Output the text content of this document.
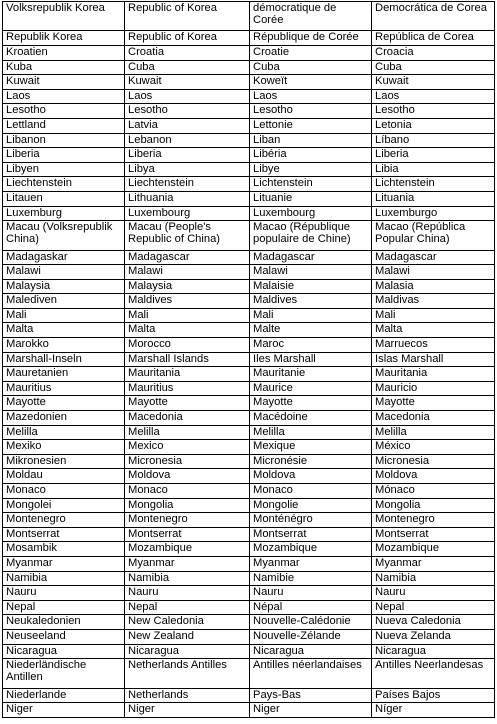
Volksrepublik Korea	Republic of Korea	démocratique de Corée	Democrática de Corea
Republik Korea	Republic of Korea	République de Corée	República de Corea
Kroatien	Croatia	Croatie	Croacia
Kuba	Cuba	Cuba	Cuba
Kuwait	Kuwait	Koweït	Kuwait
Laos	Laos	Laos	Laos
Lesotho	Lesotho	Lesotho	Lesotho
Lettland	Latvia	Lettonie	Letonia
Libanon	Lebanon	Liban	Líbano
Liberia	Liberia	Libéria	Liberia
Libyen	Libya	Libye	Libia
Liechtenstein	Liechtenstein	Lichtenstein	Lichtenstein
Litauen	Lithuania	Lituanie	Lituania
Luxemburg	Luxembourg	Luxembourg	Luxemburgo
Macau (Volksrepublik China)	Macau (People's Republic of China)	Macao (République populaire de Chine)	Macao (República Popular China)
Madagaskar	Madagascar	Madagascar	Madagascar
Malawi	Malawi	Malawi	Malawi
Malaysia	Malaysia	Malaisie	Malasia
Malediven	Maldives	Maldives	Maldivas
Mali	Mali	Mali	Mali
Malta	Malta	Malte	Malta
Marokko	Morocco	Maroc	Marruecos
Marshall-Inseln	Marshall Islands	Iles Marshall	Islas Marshall
Mauretanien	Mauritania	Mauritanie	Mauritania
Mauritius	Mauritius	Maurice	Mauricio
Mayotte	Mayotte	Mayotte	Mayotte
Mazedonien	Macedonia	Macédoine	Macedonia
Melilla	Melilla	Melilla	Melilla
Mexiko	Mexico	Mexique	México
Mikronesien	Micronesia	Micronésie	Micronesia
Moldau	Moldova	Moldova	Moldova
Monaco	Monaco	Monaco	Mónaco
Mongolei	Mongolia	Mongolie	Mongolia
Montenegro	Montenegro	Monténégro	Montenegro
Montserrat	Montserrat	Montserrat	Montserrat
Mosambik	Mozambique	Mozambique	Mozambique
Myanmar	Myanmar	Myanmar	Myanmar
Namibia	Namibia	Namibie	Namibia
Nauru	Nauru	Nauru	Nauru
Nepal	Nepal	Népal	Nepal
Neukaledonien	New Caledonia	Nouvelle-Calédonie	Nueva Caledonia
Neuseeland	New Zealand	Nouvelle-Zélande	Nueva Zelanda
Nicaragua	Nicaragua	Nicaragua	Nicaragua
Niederländische Antillen	Netherlands Antilles	Antilles néerlandaises	Antilles Neerlandesas
Niederlande	Netherlands	Pays-Bas	Países Bajos
Niger	Niger	Niger	Níger
